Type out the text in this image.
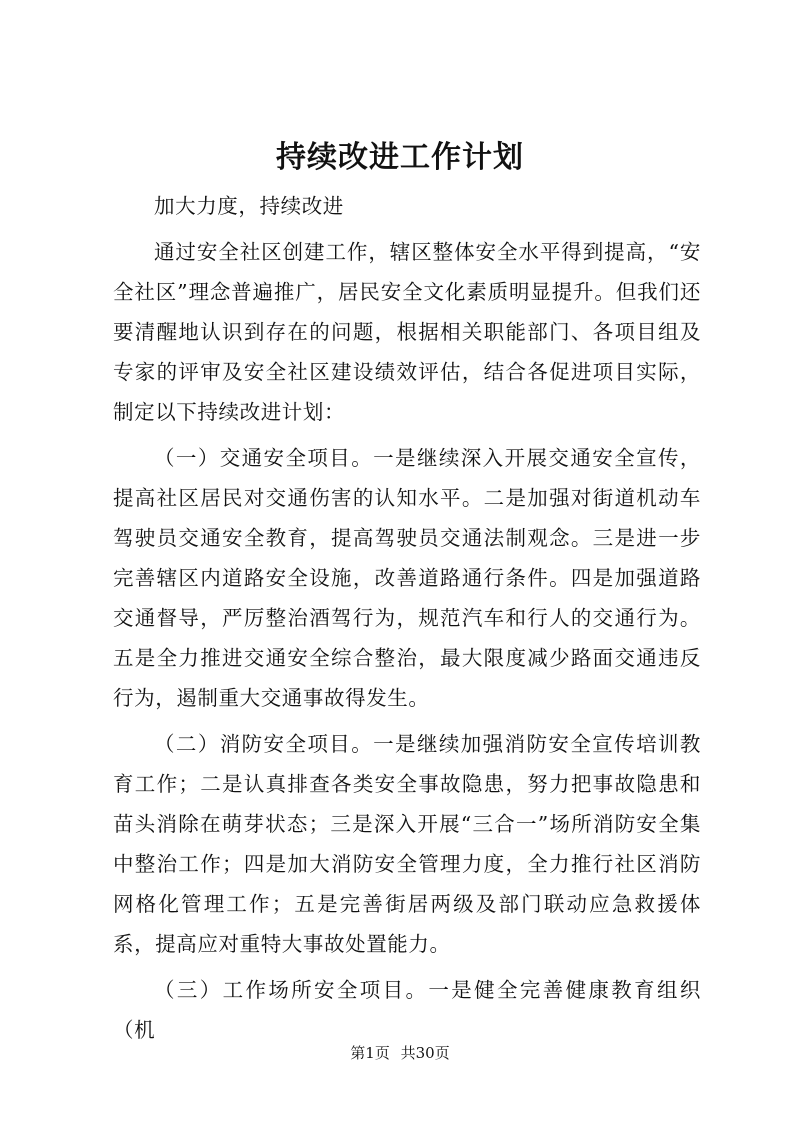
持续改进工作计划

加大力度，持续改进

通过安全社区创建工作，辖区整体安全水平得到提高，“安全社区”理念普遍推广，居民安全文化素质明显提升。但我们还要清醒地认识到存在的问题，根据相关职能部门、各项目组及专家的评审及安全社区建设绩效评估，结合各促进项目实际，制定以下持续改进计划：

（一）交通安全项目。一是继续深入开展交通安全宣传，提高社区居民对交通伤害的认知水平。二是加强对街道机动车驾驶员交通安全教育，提高驾驶员交通法制观念。三是进一步完善辖区内道路安全设施，改善道路通行条件。四是加强道路交通督导，严厉整治酒驾行为，规范汽车和行人的交通行为。五是全力推进交通安全综合整治，最大限度减少路面交通违反行为，遏制重大交通事故得发生。

（二）消防安全项目。一是继续加强消防安全宣传培训教育工作；二是认真排查各类安全事故隐患，努力把事故隐患和苗头消除在萌芽状态；三是深入开展“三合一”场所消防安全集中整治工作；四是加大消防安全管理力度，全力推行社区消防网格化管理工作；五是完善街居两级及部门联动应急救援体系，提高应对重特大事故处置能力。

（三）工作场所安全项目。一是健全完善健康教育组织（机

第1页 共30页
